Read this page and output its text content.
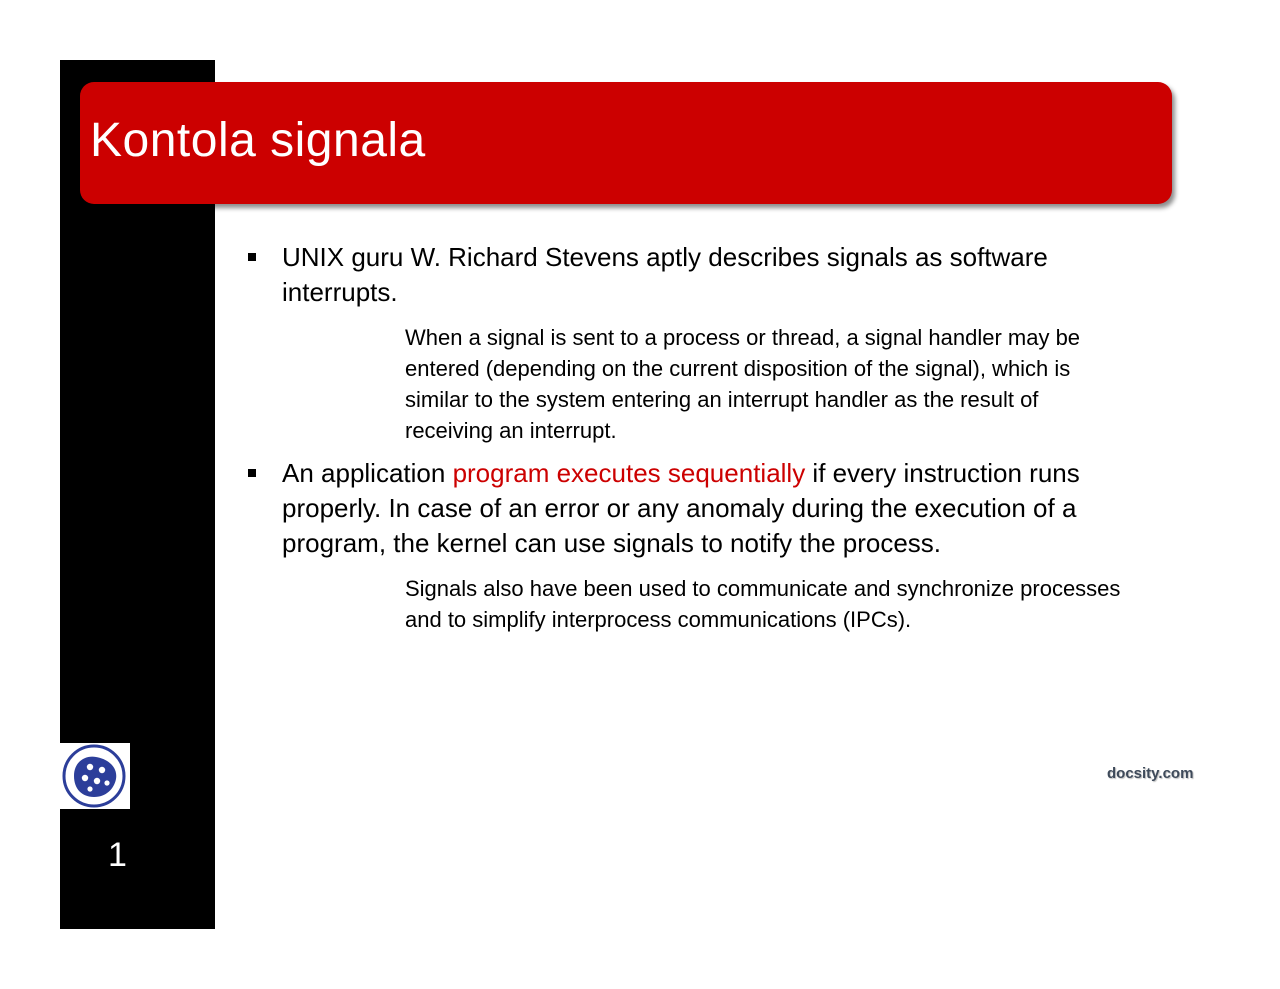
Kontola signala
UNIX guru W. Richard Stevens aptly describes signals as software interrupts.
When a signal is sent to a process or thread, a signal handler may be entered (depending on the current disposition of the signal), which is similar to the system entering an interrupt handler as the result of receiving an interrupt.
An application program executes sequentially if every instruction runs properly. In case of an error or any anomaly during the execution of a program, the kernel can use signals to notify the process.
Signals also have been used to communicate and synchronize processes and to simplify interprocess communications (IPCs).
1
docsity.com
